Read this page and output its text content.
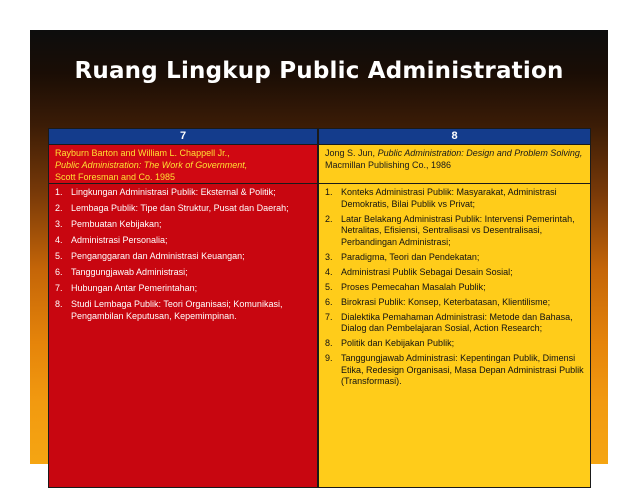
Ruang Lingkup Public Administration
7
Rayburn Barton and William L. Chappell Jr.,
Public Administration: The Work of Government,
Scott Foresman and Co. 1985
1. Lingkungan Administrasi Publik: Eksternal & Politik;
2. Lembaga Publik: Tipe dan Struktur, Pusat dan Daerah;
3. Pembuatan Kebijakan;
4. Administrasi Personalia;
5. Penganggaran dan Administrasi Keuangan;
6. Tanggungjawab Administrasi;
7. Hubungan Antar Pemerintahan;
8. Studi Lembaga Publik: Teori Organisasi; Komunikasi, Pengambilan Keputusan, Kepemimpinan.
8
Jong S. Jun, Public Administration: Design and Problem Solving, Macmillan Publishing Co., 1986
1. Konteks Administrasi Publik: Masyarakat, Administrasi Demokratis, Bilai Publik vs Privat;
2. Latar Belakang Administrasi Publik: Intervensi Pemerintah, Netralitas, Efisiensi, Sentralisasi vs Desentralisasi, Perbandingan Administrasi;
3. Paradigma, Teori dan Pendekatan;
4. Administrasi Publik Sebagai Desain Sosial;
5. Proses Pemecahan Masalah Publik;
6. Birokrasi Publik: Konsep, Keterbatasan, Klientilisme;
7. Dialektika Pemahaman Administrasi: Metode dan Bahasa, Dialog dan Pembelajaran Sosial, Action Research;
8. Politik dan Kebijakan Publik;
9. Tanggungjawab Administrasi: Kepentingan Publik, Dimensi Etika, Redesign Organisasi, Masa Depan Administrasi Publik (Transformasi).
